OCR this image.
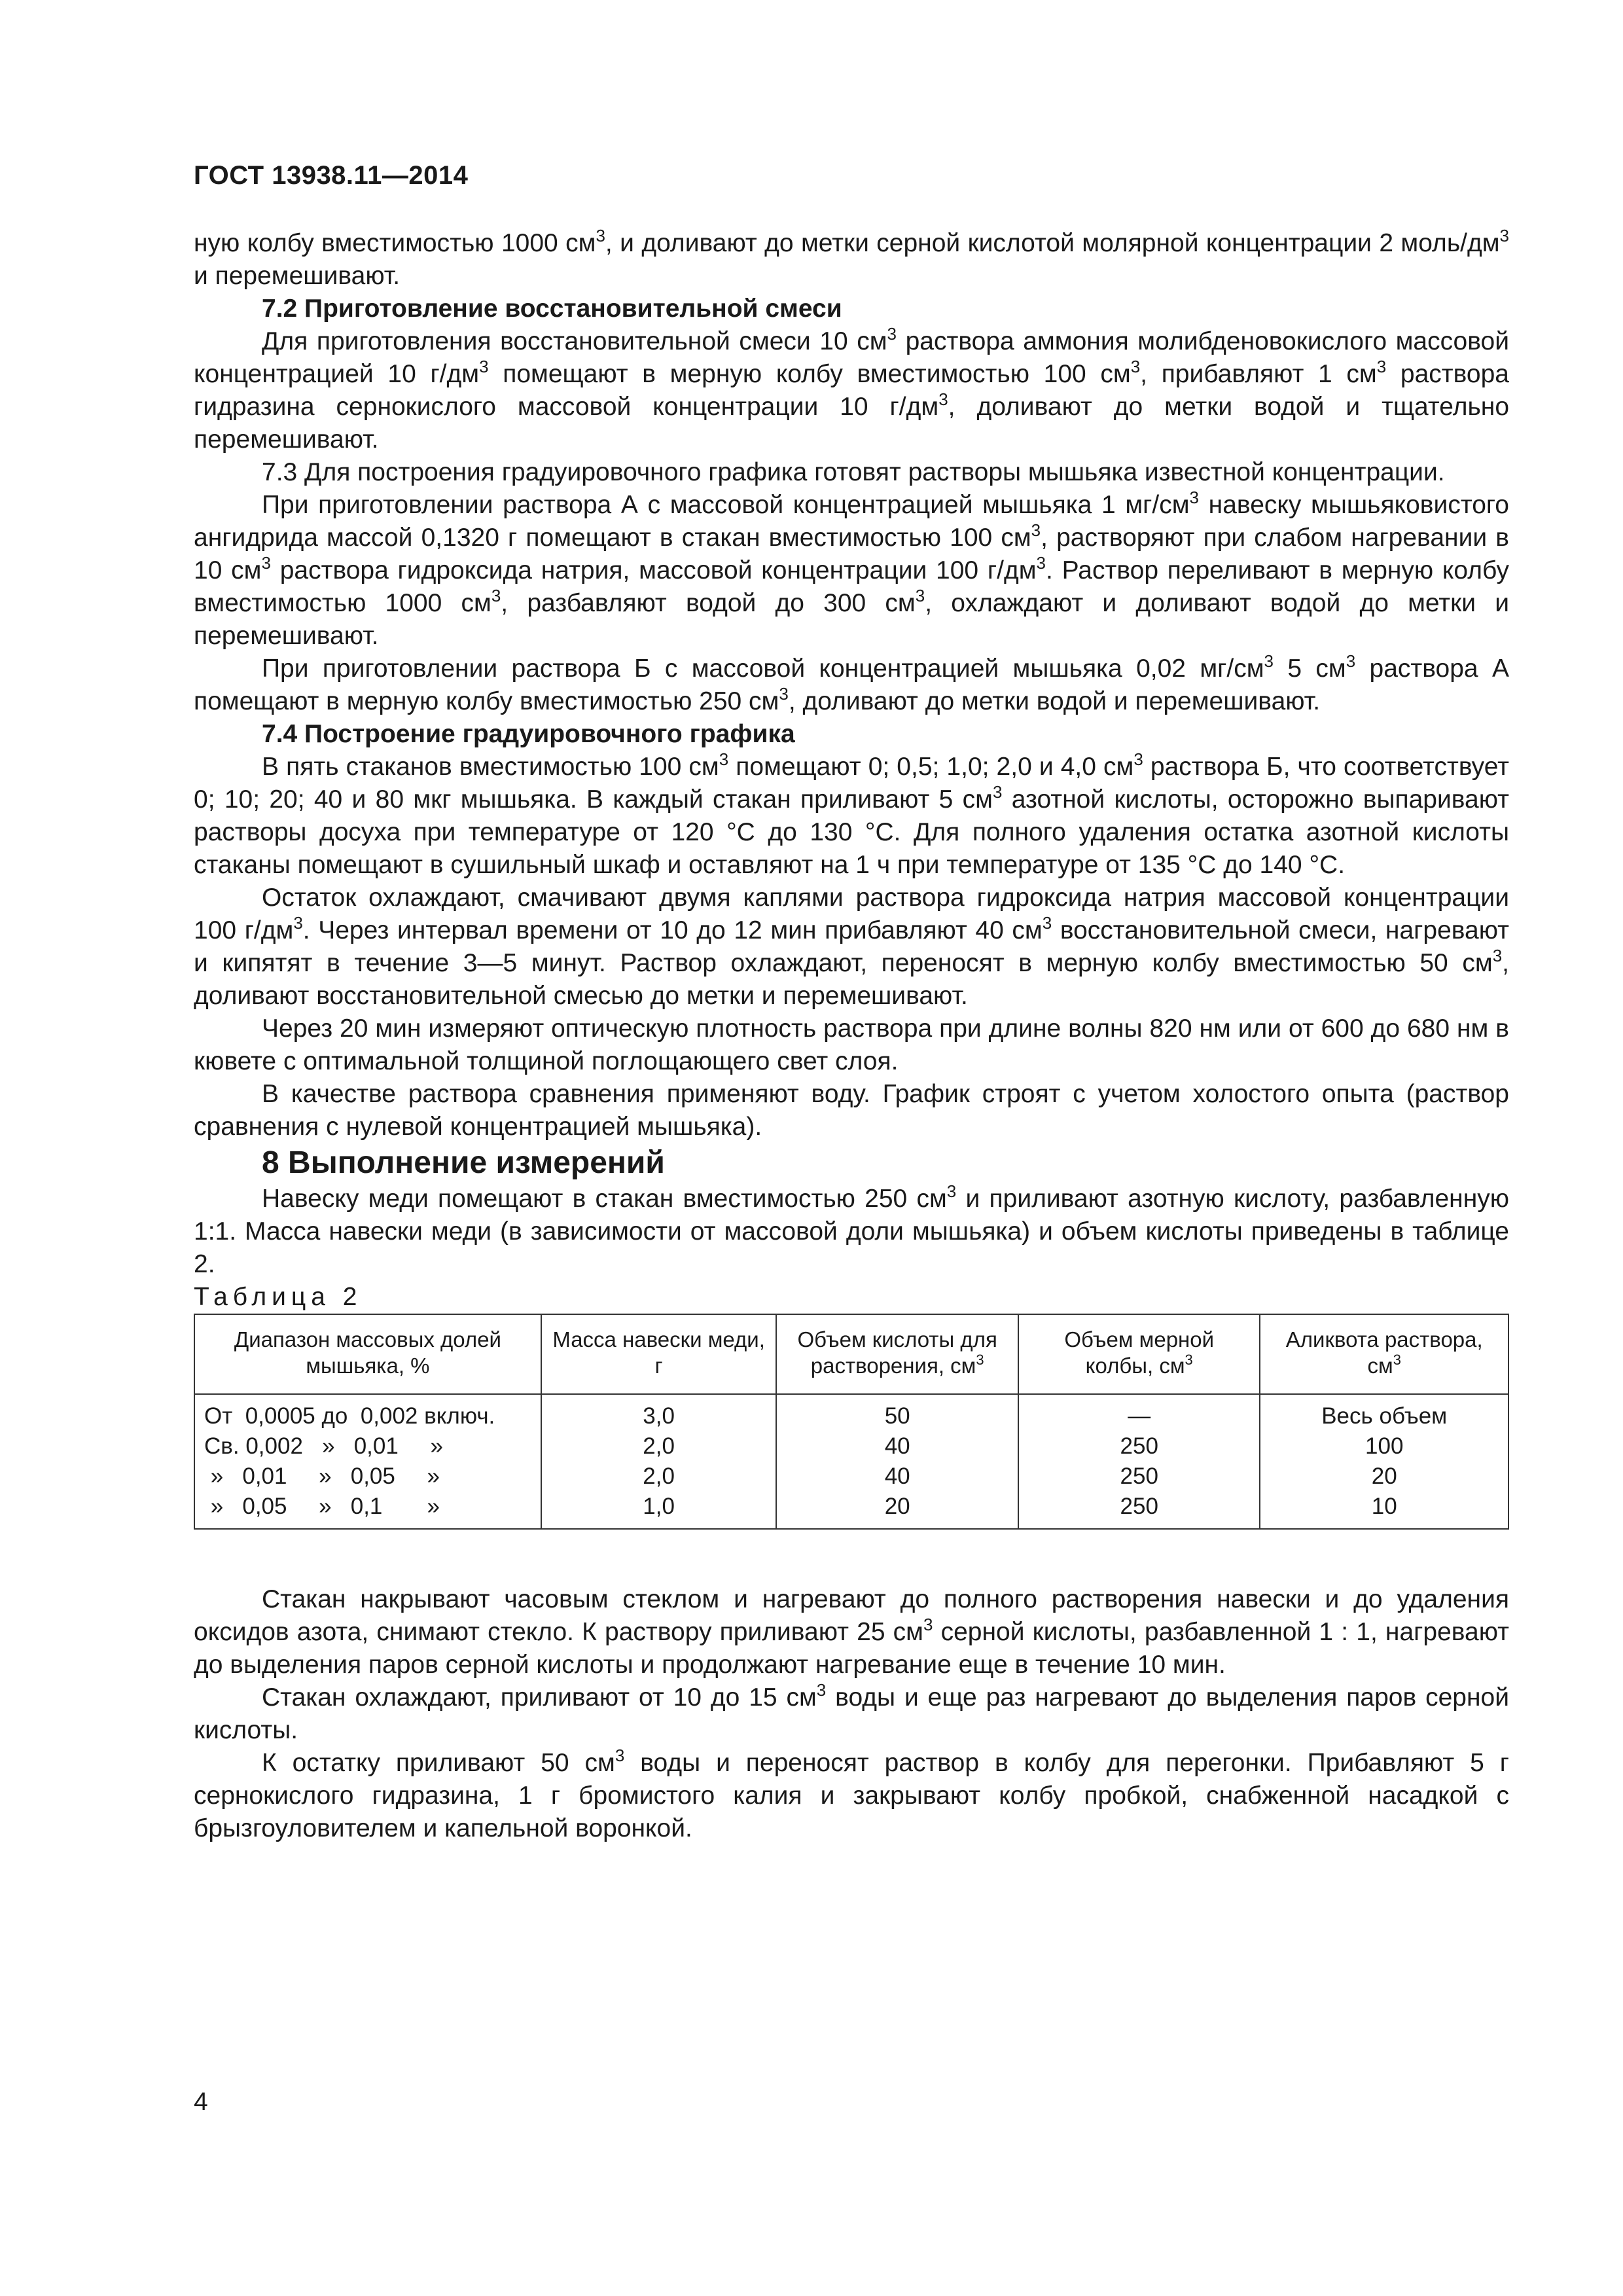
ГОСТ 13938.11—2014

ную колбу вместимостью 1000 $см^3$, и доливают до метки серной кислотой молярной концентрации 2 моль/$дм^3$ и перемешивают.

7.2 Приготовление восстановительной смеси

Для приготовления восстановительной смеси 10 $см^3$ раствора аммония молибденовокислого массовой концентрацией 10 $г/дм^3$ помещают в мерную колбу вместимостью 100 $см^3$, прибавляют 1 $см^3$ раствора гидразина сернокислого массовой концентрации 10 $г/дм^3$, доливают до метки водой и тщательно перемешивают.

7.3 Для построения градуировочного графика готовят растворы мышьяка известной концентрации.

При приготовлении раствора А с массовой концентрацией мышьяка 1 $мг/см^3$ навеску мышьяковистого ангидрида массой 0,1320 г помещают в стакан вместимостью 100 $см^3$, растворяют при слабом нагревании в 10 $см^3$ раствора гидроксида натрия, массовой концентрации 100 $г/дм^3$. Раствор переливают в мерную колбу вместимостью 1000 $см^3$, разбавляют водой до 300 $см^3$, охлаждают и доливают водой до метки и перемешивают.

При приготовлении раствора Б с массовой концентрацией мышьяка 0,02 $мг/см^3$ 5 $см^3$ раствора А помещают в мерную колбу вместимостью 250 $см^3$, доливают до метки водой и перемешивают.

7.4 Построение градуировочного графика

В пять стаканов вместимостью 100 $см^3$ помещают 0; 0,5; 1,0; 2,0 и 4,0 $см^3$ раствора Б, что соответствует 0; 10; 20; 40 и 80 мкг мышьяка. В каждый стакан приливают 5 $см^3$ азотной кислоты, осторожно выпаривают растворы досуха при температуре от 120 °С до 130 °С. Для полного удаления остатка азотной кислоты стаканы помещают в сушильный шкаф и оставляют на 1 ч при температуре от 135 °С до 140 °С.

Остаток охлаждают, смачивают двумя каплями раствора гидроксида натрия массовой концентрации 100 $г/дм^3$. Через интервал времени от 10 до 12 мин прибавляют 40 $см^3$ восстановительной смеси, нагревают и кипятят в течение 3—5 минут. Раствор охлаждают, переносят в мерную колбу вместимостью 50 $см^3$, доливают восстановительной смесью до метки и перемешивают.

Через 20 мин измеряют оптическую плотность раствора при длине волны 820 нм или от 600 до 680 нм в кювете с оптимальной толщиной поглощающего свет слоя.

В качестве раствора сравнения применяют воду. График строят с учетом холостого опыта (раствор сравнения с нулевой концентрацией мышьяка).

8 Выполнение измерений

Навеску меди помещают в стакан вместимостью 250 $см^3$ и приливают азотную кислоту, разбавленную 1:1. Масса навески меди (в зависимости от массовой доли мышьяка) и объем кислоты приведены в таблице 2.

Таблица 2

Диапазон массовых долей мышьяка, %	Масса навески меди, г	Объем кислоты для растворения, $см^3$	Объем мерной колбы, $см^3$	Аликвота раствора, $см^3$
От  0,0005 до  0,002 включ.	3,0	50	—	Весь объем
Св. 0,002   »   0,01     »	2,0	40	250	100
»   0,01     »   0,05     »	2,0	40	250	20
»   0,05     »   0,1       »	1,0	20	250	10

Стакан накрывают часовым стеклом и нагревают до полного растворения навески и до удаления оксидов азота, снимают стекло. К раствору приливают 25 $см^3$ серной кислоты, разбавленной 1 : 1, нагревают до выделения паров серной кислоты и продолжают нагревание еще в течение 10 мин.

Стакан охлаждают, приливают от 10 до 15 $см^3$ воды и еще раз нагревают до выделения паров серной кислоты.

К остатку приливают 50 $см^3$ воды и переносят раствор в колбу для перегонки. Прибавляют 5 г сернокислого гидразина, 1 г бромистого калия и закрывают колбу пробкой, снабженной насадкой с брызгоуловителем и капельной воронкой.

4
